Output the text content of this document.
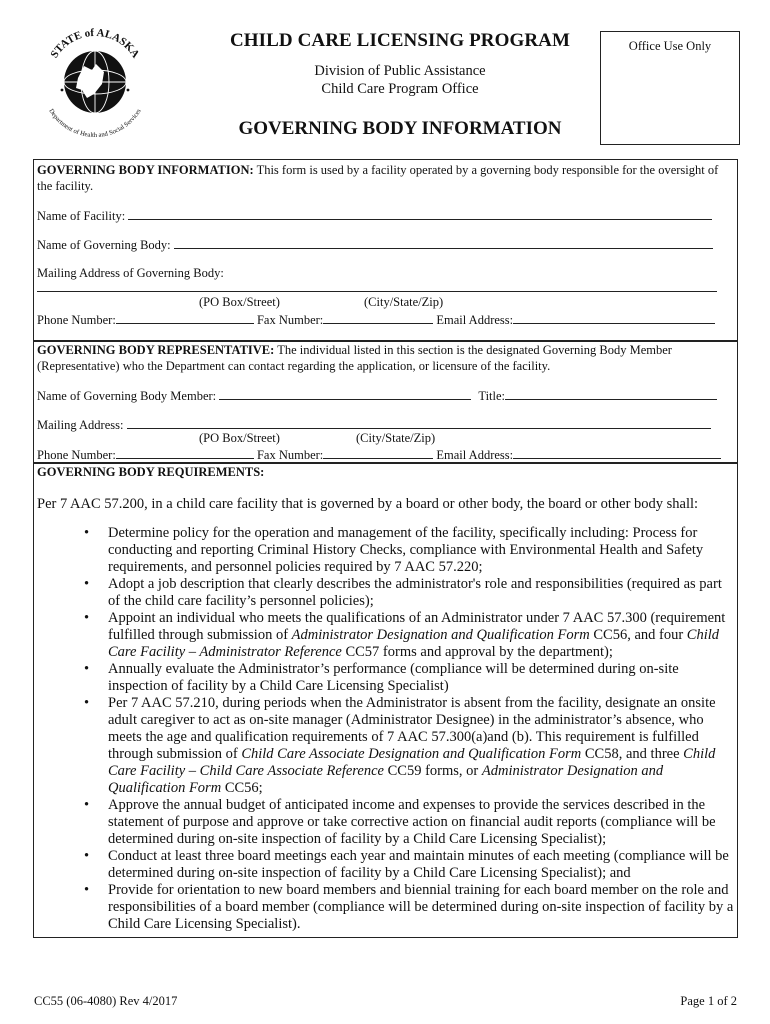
STATE of ALASKA
Department of Health and Social Services
CHILD CARE LICENSING PROGRAM
Division of Public Assistance
Child Care Program Office
GOVERNING BODY INFORMATION
Office Use Only
GOVERNING BODY INFORMATION: This form is used by a facility operated by a governing body responsible for the oversight of the facility.
Name of Facility:
Name of Governing Body:
Mailing Address of Governing Body:
(PO Box/Street)	(City/State/Zip)
Phone Number:	Fax Number:	Email Address:
GOVERNING BODY REPRESENTATIVE: The individual listed in this section is the designated Governing Body Member (Representative) who the Department can contact regarding the application, or licensure of the facility.
Name of Governing Body Member:	Title:
Mailing Address:
(PO Box/Street)	(City/State/Zip)
Phone Number:	Fax Number:	Email Address:
GOVERNING BODY REQUIREMENTS:
Per 7 AAC 57.200, in a child care facility that is governed by a board or other body, the board or other body shall:
• Determine policy for the operation and management of the facility, specifically including: Process for conducting and reporting Criminal History Checks, compliance with Environmental Health and Safety requirements, and personnel policies required by 7 AAC 57.220;
• Adopt a job description that clearly describes the administrator's role and responsibilities (required as part of the child care facility’s personnel policies);
• Appoint an individual who meets the qualifications of an Administrator under 7 AAC 57.300 (requirement fulfilled through submission of Administrator Designation and Qualification Form CC56, and four Child Care Facility – Administrator Reference CC57 forms and approval by the department);
• Annually evaluate the Administrator’s performance (compliance will be determined during on-site inspection of facility by a Child Care Licensing Specialist)
• Per 7 AAC 57.210, during periods when the Administrator is absent from the facility, designate an onsite adult caregiver to act as on-site manager (Administrator Designee) in the administrator’s absence, who meets the age and qualification requirements of 7 AAC 57.300(a)and (b). This requirement is fulfilled through submission of Child Care Associate Designation and Qualification Form CC58, and three Child Care Facility – Child Care Associate Reference CC59 forms, or Administrator Designation and Qualification Form CC56;
• Approve the annual budget of anticipated income and expenses to provide the services described in the statement of purpose and approve or take corrective action on financial audit reports (compliance will be determined during on-site inspection of facility by a Child Care Licensing Specialist);
• Conduct at least three board meetings each year and maintain minutes of each meeting (compliance will be determined during on-site inspection of facility by a Child Care Licensing Specialist); and
• Provide for orientation to new board members and biennial training for each board member on the role and responsibilities of a board member (compliance will be determined during on-site inspection of facility by a Child Care Licensing Specialist).
CC55 (06-4080) Rev 4/2017	Page 1 of 2
